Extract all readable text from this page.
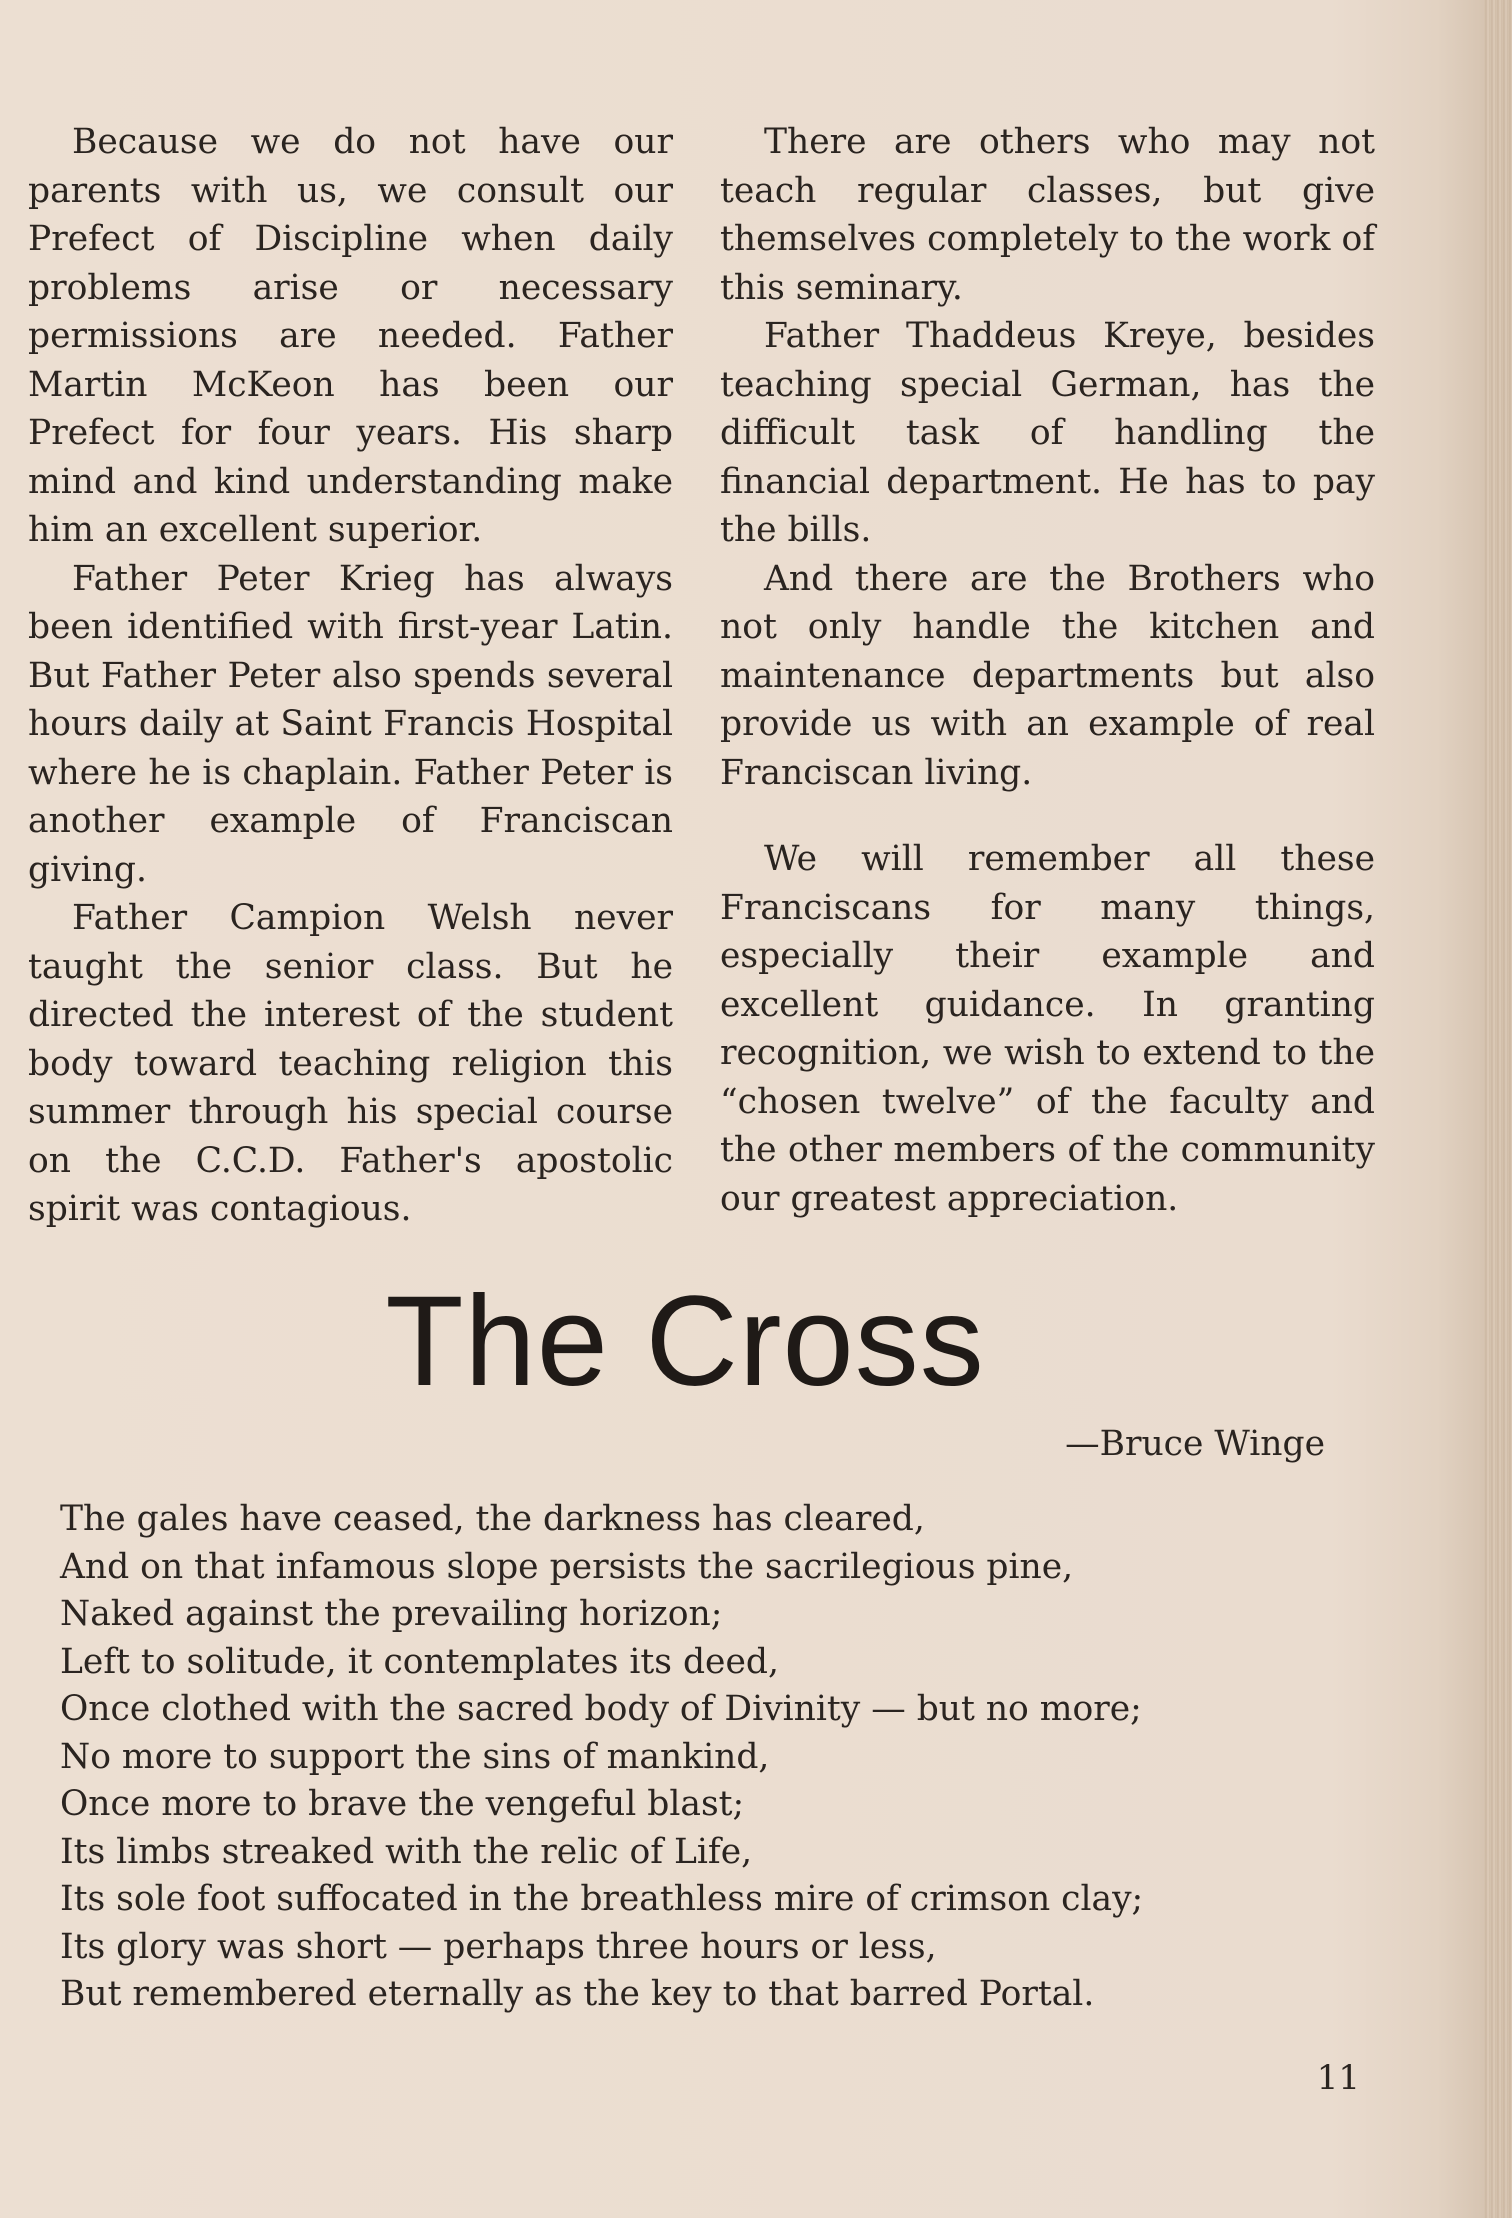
Because we do not have our parents with us, we consult our Prefect of Discipline when daily problems arise or necessary permissions are needed. Father Martin McKeon has been our Prefect for four years. His sharp mind and kind understanding make him an excellent superior.

Father Peter Krieg has always been identified with first-year Latin. But Father Peter also spends several hours daily at Saint Francis Hospital where he is chaplain. Father Peter is another example of Franciscan giving.

Father Campion Welsh never taught the senior class. But he directed the interest of the student body toward teaching religion this summer through his special course on the C.C.D. Father's apostolic spirit was contagious.

There are others who may not teach regular classes, but give themselves completely to the work of this seminary.

Father Thaddeus Kreye, besides teaching special German, has the difficult task of handling the financial department. He has to pay the bills.

And there are the Brothers who not only handle the kitchen and maintenance departments but also provide us with an example of real Franciscan living.

We will remember all these Franciscans for many things, especially their example and excellent guidance. In granting recognition, we wish to extend to the “chosen twelve” of the faculty and the other members of the community our greatest appreciation.

The Cross
—Bruce Winge
The gales have ceased, the darkness has cleared,
And on that infamous slope persists the sacrilegious pine,
Naked against the prevailing horizon;
Left to solitude, it contemplates its deed,
Once clothed with the sacred body of Divinity — but no more;
No more to support the sins of mankind,
Once more to brave the vengeful blast;
Its limbs streaked with the relic of Life,
Its sole foot suffocated in the breathless mire of crimson clay;
Its glory was short — perhaps three hours or less,
But remembered eternally as the key to that barred Portal.
11
